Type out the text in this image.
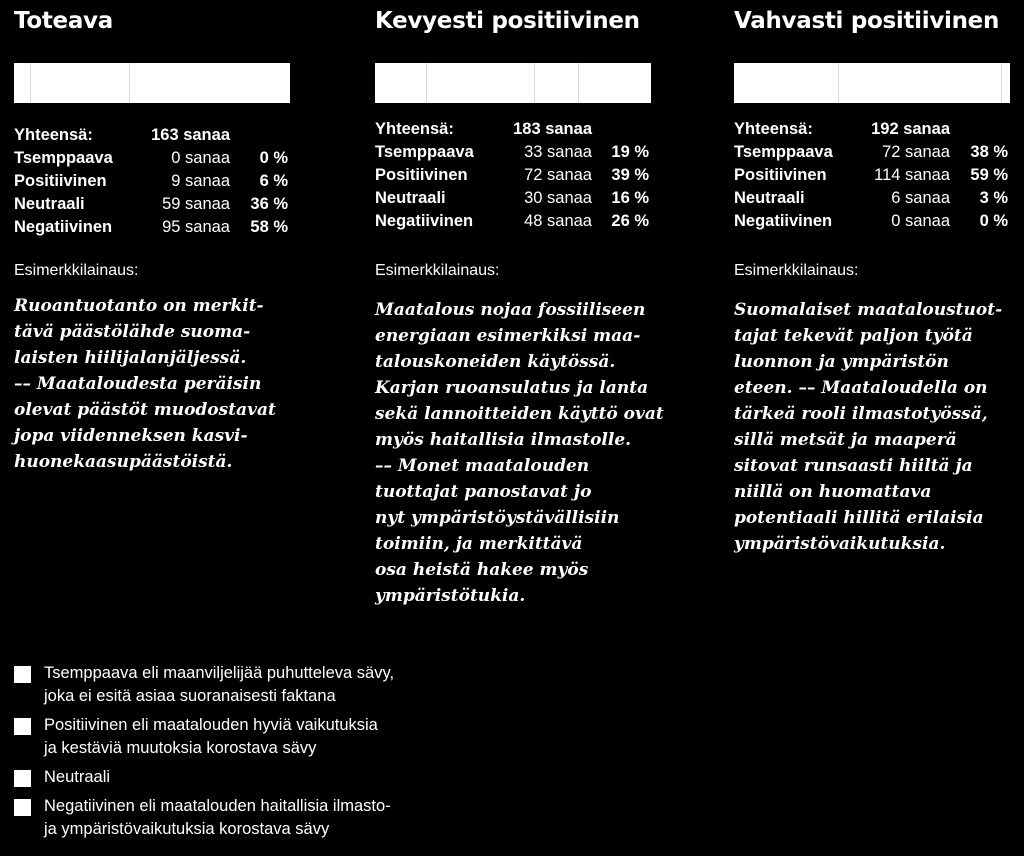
Toteava
Yhteensä:	163 sanaa
Tsemppaava	0 sanaa	0 %
Positiivinen	9 sanaa	6 %
Neutraali	59 sanaa	36 %
Negatiivinen	95 sanaa	58 %
Esimerkkilainaus:
Ruoantuotanto on merkit-
tävä päästölähde suoma-
laisten hiilijalanjäljessä.
–– Maataloudesta peräisin
olevat päästöt muodostavat
jopa viidenneksen kasvi-
huonekaasupäästöistä.
Kevyesti positiivinen
Yhteensä:	183 sanaa
Tsemppaava	33 sanaa	19 %
Positiivinen	72 sanaa	39 %
Neutraali	30 sanaa	16 %
Negatiivinen	48 sanaa	26 %
Esimerkkilainaus:
Maatalous nojaa fossiiliseen
energiaan esimerkiksi maa-
talouskoneiden käytössä.
Karjan ruoansulatus ja lanta
sekä lannoitteiden käyttö ovat
myös haitallisia ilmastolle.
–– Monet maatalouden
tuottajat panostavat jo
nyt ympäristöystävällisiin
toimiin, ja merkittävä
osa heistä hakee myös
ympäristötukia.
Vahvasti positiivinen
Yhteensä:	192 sanaa
Tsemppaava	72 sanaa	38 %
Positiivinen	114 sanaa	59 %
Neutraali	6 sanaa	3 %
Negatiivinen	0 sanaa	0 %
Esimerkkilainaus:
Suomalaiset maataloustuot-
tajat tekevät paljon työtä
luonnon ja ympäristön
eteen. –– Maataloudella on
tärkeä rooli ilmastotyössä,
sillä metsät ja maaperä
sitovat runsaasti hiiltä ja
niillä on huomattava
potentiaali hillitä erilaisia
ympäristövaikutuksia.
Tsemppaava eli maanviljelijää puhutteleva sävy,
joka ei esitä asiaa suoranaisesti faktana
Positiivinen eli maatalouden hyviä vaikutuksia
ja kestäviä muutoksia korostava sävy
Neutraali
Negatiivinen eli maatalouden haitallisia ilmasto-
ja ympäristövaikutuksia korostava sävy
